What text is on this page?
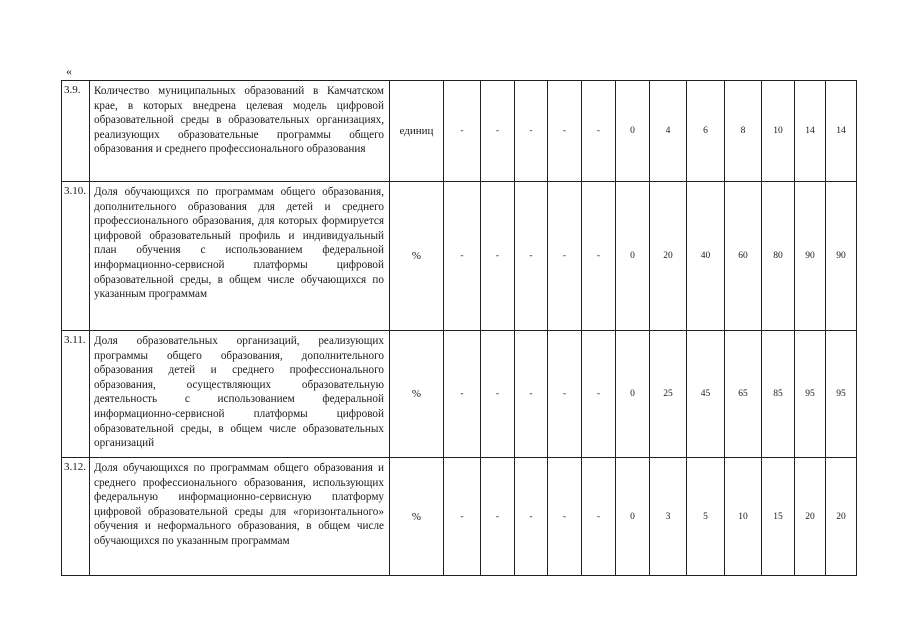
«
3.9.	Количество муниципальных образований в Камчатском крае, в которых внедрена целевая модель цифровой образовательной среды в образовательных организациях, реализующих образовательные программы общего образования и среднего профессионального образования	единиц	-	-	-	-	-	0	4	6	8	10	14	14
3.10.	Доля обучающихся по программам общего образования, дополнительного образования для детей и среднего профессионального образования, для которых формируется цифровой образовательный профиль и индивидуальный план обучения с использованием федеральной информационно-сервисной платформы цифровой образовательной среды, в общем числе обучающихся по указанным программам	%	-	-	-	-	-	0	20	40	60	80	90	90
3.11.	Доля образовательных организаций, реализующих программы общего образования, дополнительного образования детей и среднего профессионального образования, осуществляющих образовательную деятельность с использованием федеральной информационно-сервисной платформы цифровой образовательной среды, в общем числе образовательных организаций	%	-	-	-	-	-	0	25	45	65	85	95	95
3.12.	Доля обучающихся по программам общего образования и среднего профессионального образования, использующих федеральную информационно-сервисную платформу цифровой образовательной среды для «горизонтального» обучения и неформального образования, в общем числе обучающихся по указанным программам	%	-	-	-	-	-	0	3	5	10	15	20	20
